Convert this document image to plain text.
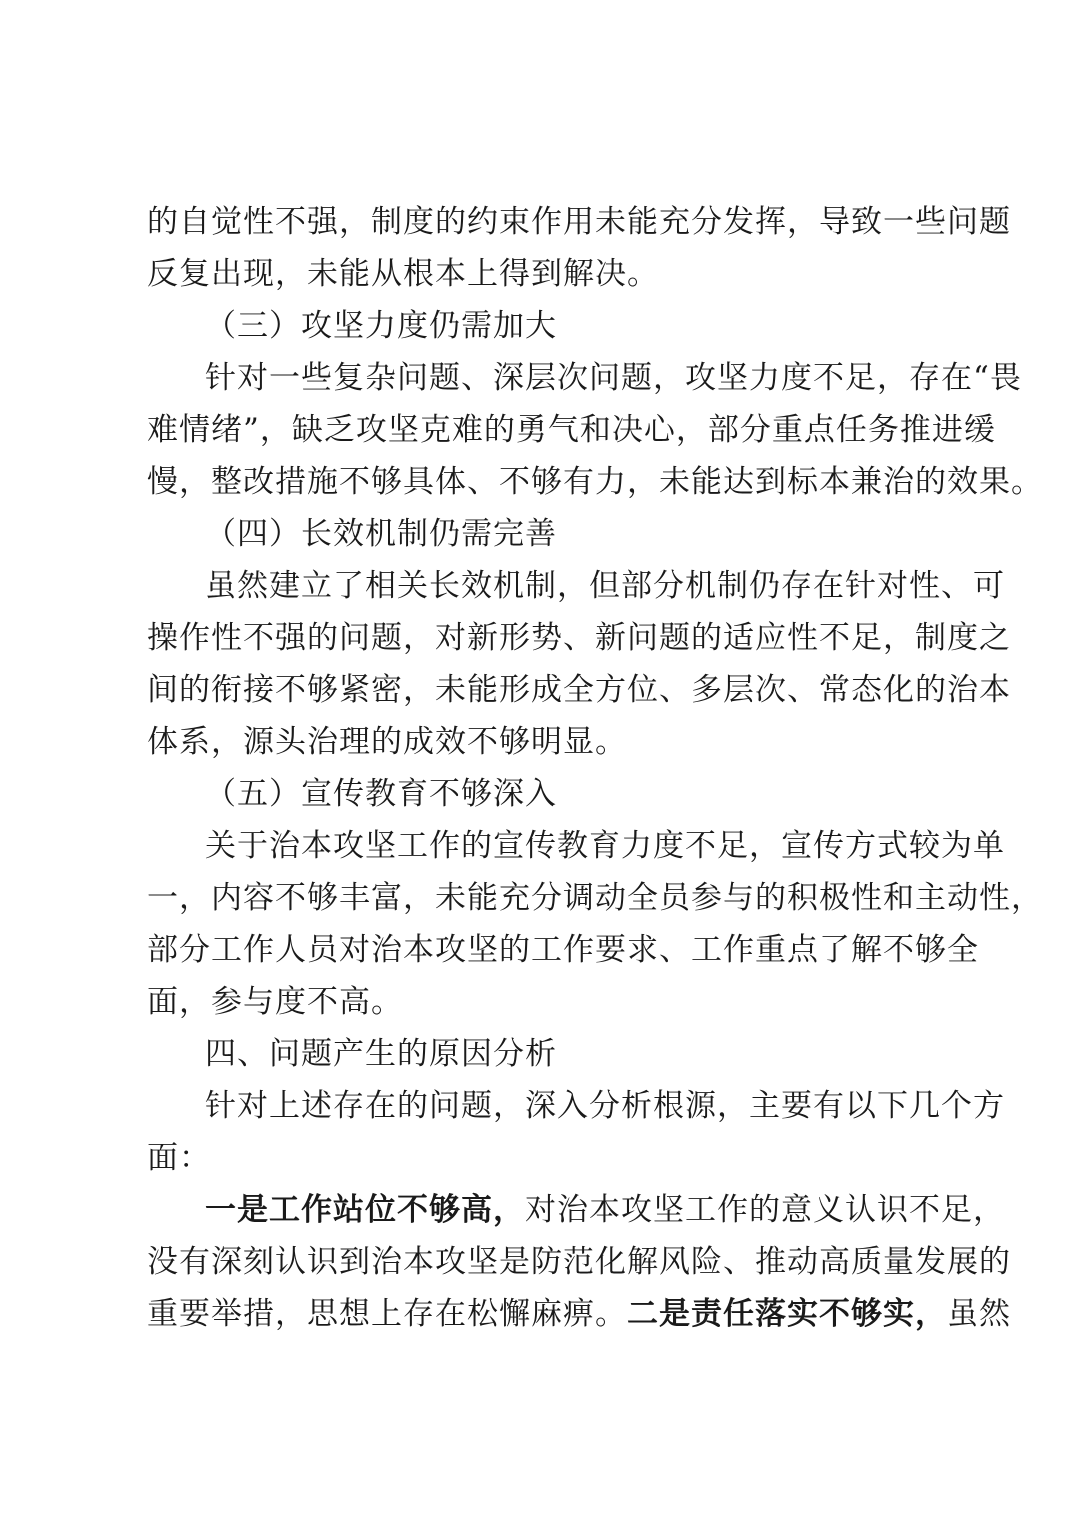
的自觉性不强，制度的约束作用未能充分发挥，导致一些问题
反复出现，未能从根本上得到解决。
（三）攻坚力度仍需加大
针对一些复杂问题、深层次问题，攻坚力度不足，存在“畏
难情绪”，缺乏攻坚克难的勇气和决心，部分重点任务推进缓
慢，整改措施不够具体、不够有力，未能达到标本兼治的效果。
（四）长效机制仍需完善
虽然建立了相关长效机制，但部分机制仍存在针对性、可
操作性不强的问题，对新形势、新问题的适应性不足，制度之
间的衔接不够紧密，未能形成全方位、多层次、常态化的治本
体系，源头治理的成效不够明显。
（五）宣传教育不够深入
关于治本攻坚工作的宣传教育力度不足，宣传方式较为单
一，内容不够丰富，未能充分调动全员参与的积极性和主动性，
部分工作人员对治本攻坚的工作要求、工作重点了解不够全
面，参与度不高。
四、问题产生的原因分析
针对上述存在的问题，深入分析根源，主要有以下几个方
面：
一是工作站位不够高，对治本攻坚工作的意义认识不足，
没有深刻认识到治本攻坚是防范化解风险、推动高质量发展的
重要举措，思想上存在松懈麻痹。二是责任落实不够实，虽然
